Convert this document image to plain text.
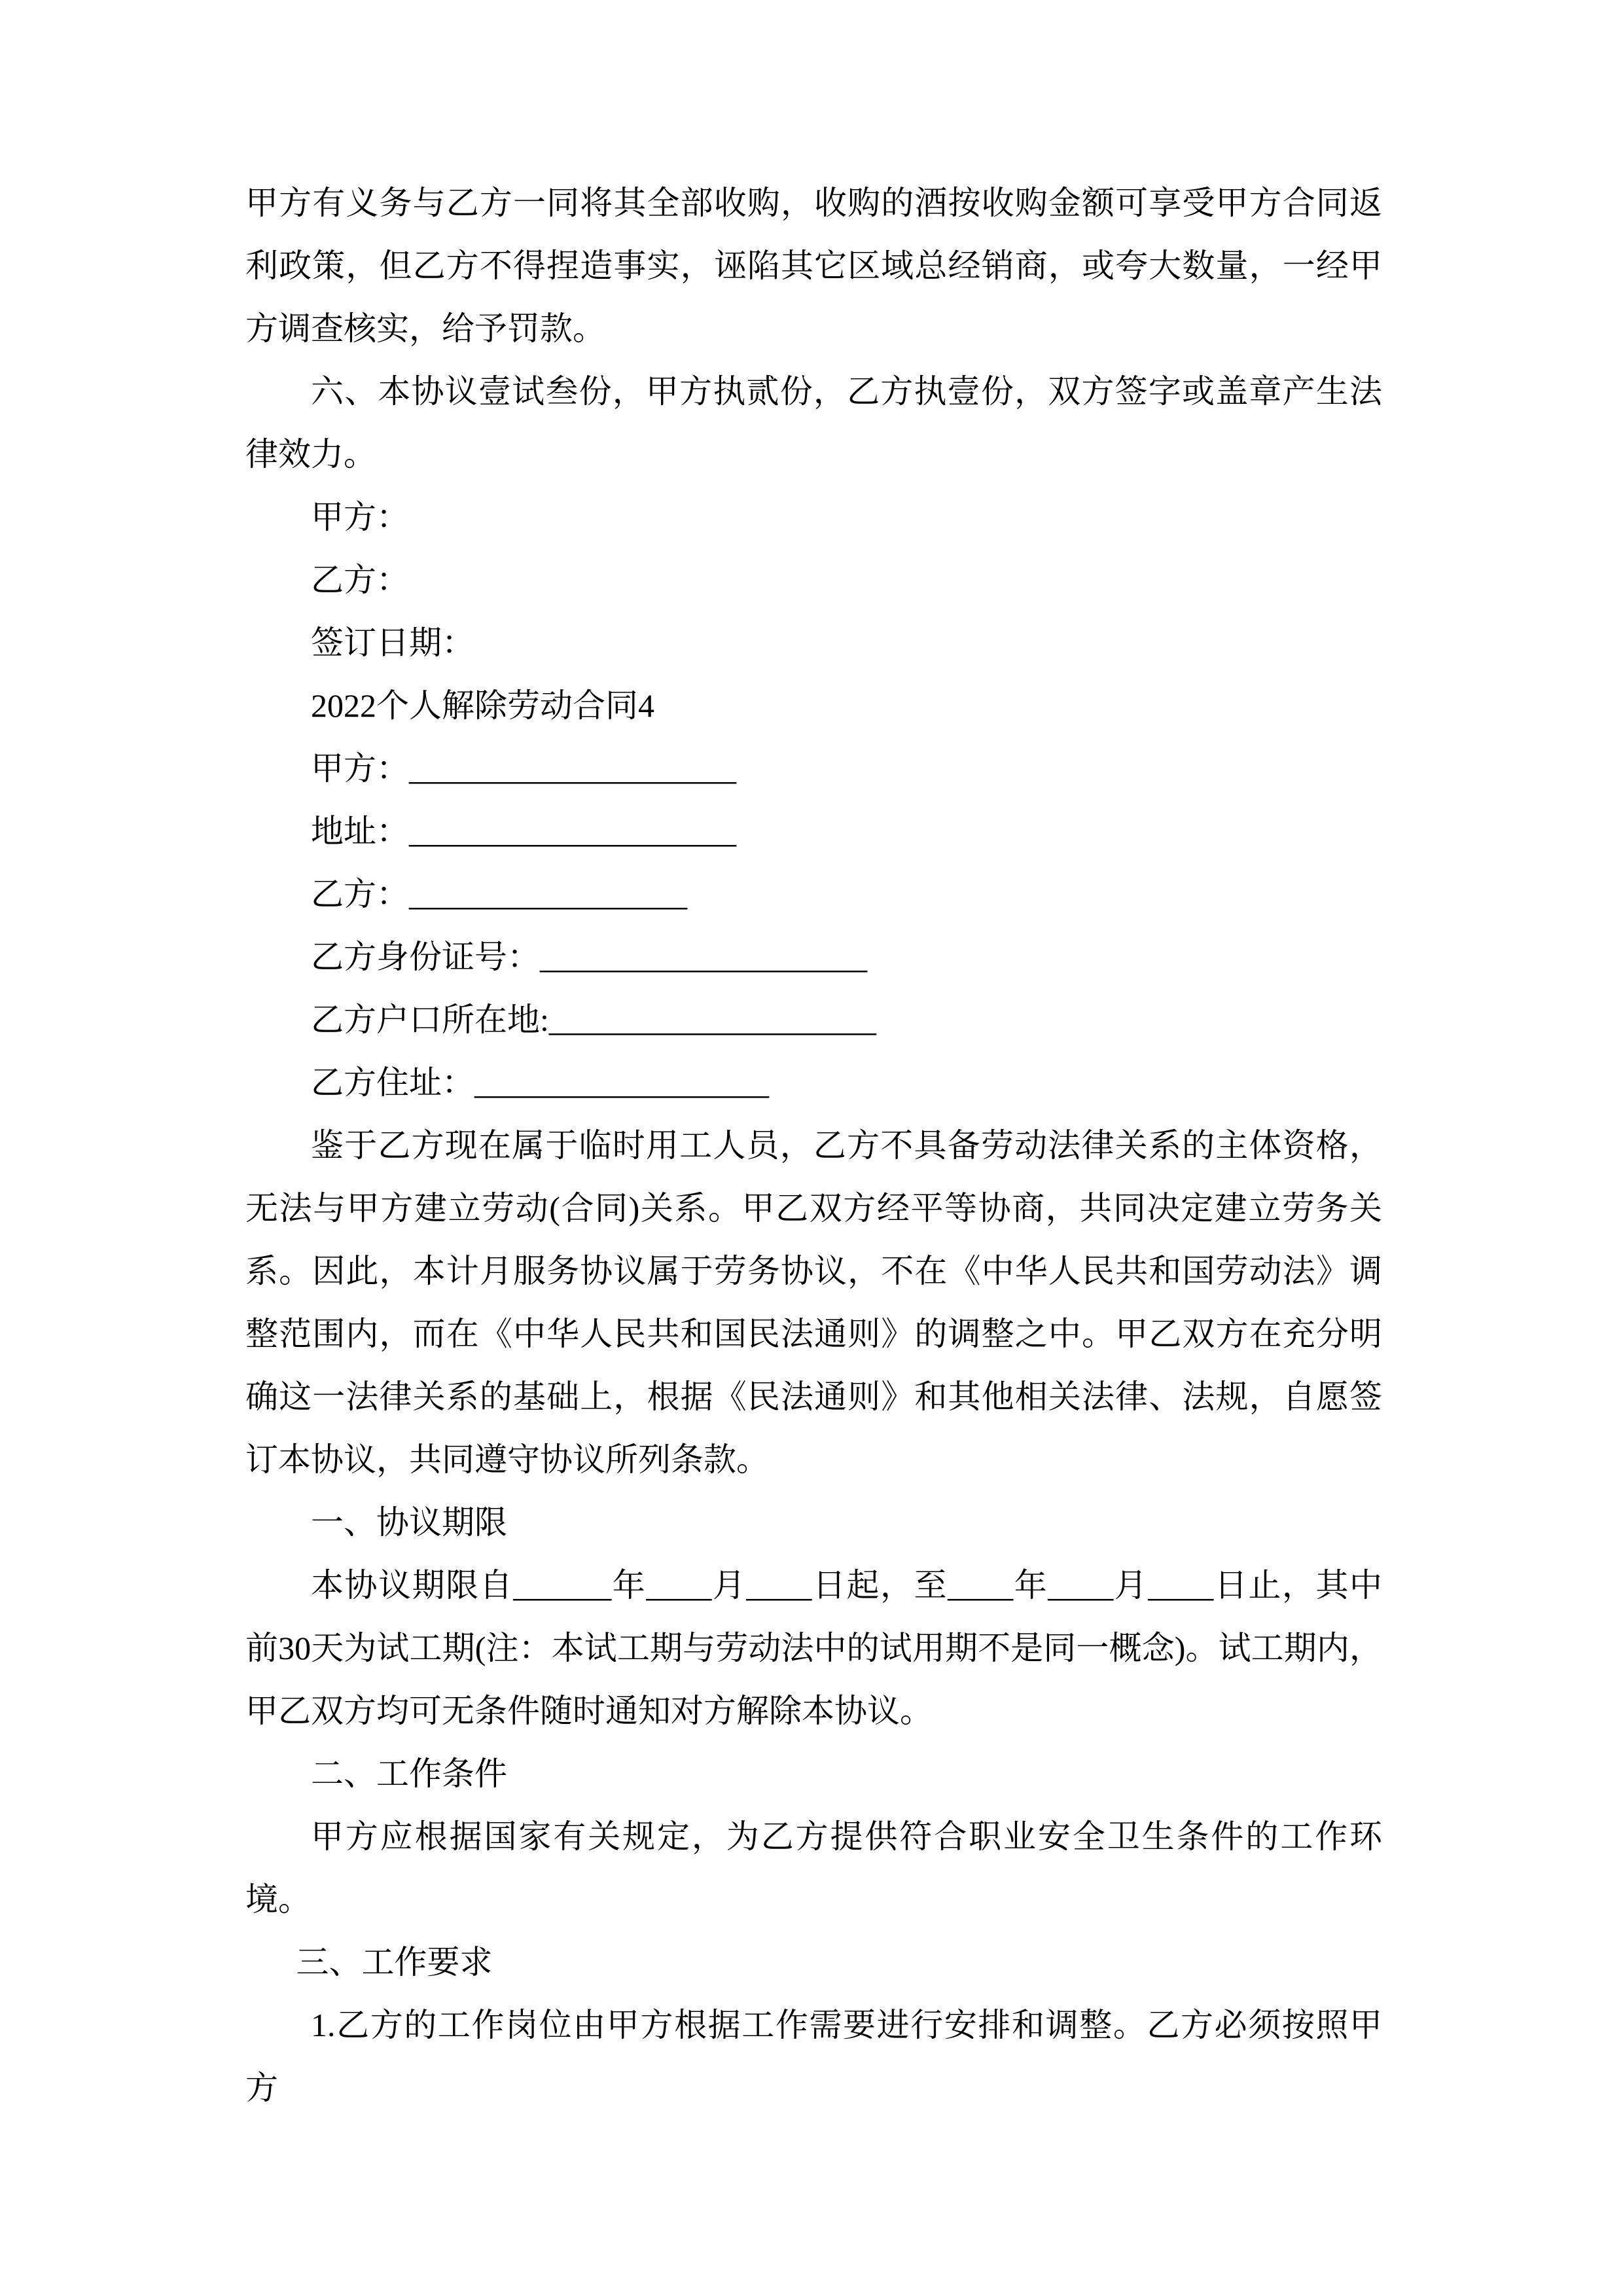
甲方有义务与乙方一同将其全部收购，收购的酒按收购金额可享受甲方合同返利政策，但乙方不得捏造事实，诬陷其它区域总经销商，或夸大数量，一经甲方调查核实，给予罚款。

六、本协议壹试叁份，甲方执贰份，乙方执壹份，双方签字或盖章产生法律效力。

甲方：

乙方：

签订日期：

2022个人解除劳动合同4

甲方：____________________

地址：____________________

乙方：_________________

乙方身份证号：____________________

乙方户口所在地:____________________

乙方住址：__________________

鉴于乙方现在属于临时用工人员，乙方不具备劳动法律关系的主体资格，无法与甲方建立劳动(合同)关系。甲乙双方经平等协商，共同决定建立劳务关系。因此，本计月服务协议属于劳务协议，不在《中华人民共和国劳动法》调整范围内，而在《中华人民共和国民法通则》的调整之中。甲乙双方在充分明确这一法律关系的基础上，根据《民法通则》和其他相关法律、法规，自愿签订本协议，共同遵守协议所列条款。

一、协议期限

本协议期限自______年____月____日起，至____年____月____日止，其中前30天为试工期(注：本试工期与劳动法中的试用期不是同一概念)。试工期内，甲乙双方均可无条件随时通知对方解除本协议。

二、工作条件

甲方应根据国家有关规定，为乙方提供符合职业安全卫生条件的工作环境。

三、工作要求

1.乙方的工作岗位由甲方根据工作需要进行安排和调整。乙方必须按照甲方
